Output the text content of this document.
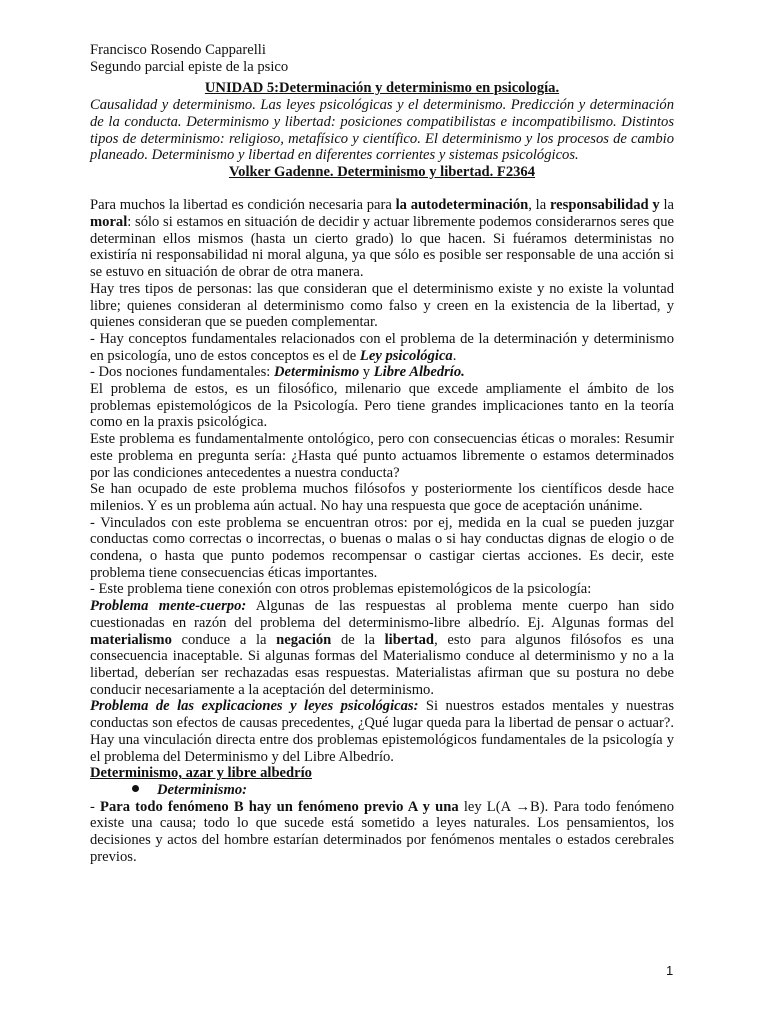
Francisco Rosendo Capparelli

Segundo parcial episte de la psico

UNIDAD 5:Determinación y determinismo en psicología.

Causalidad y determinismo. Las leyes psicológicas y el determinismo. Predicción y determinación de la conducta. Determinismo y libertad: posiciones compatibilistas e incompatibilismo. Distintos tipos de determinismo: religioso, metafísico y científico. El determinismo y los procesos de cambio planeado. Determinismo y libertad en diferentes corrientes y sistemas psicológicos.

Volker Gadenne. Determinismo y libertad. F2364

Para muchos la libertad es condición necesaria para la autodeterminación, la responsabilidad y la moral: sólo si estamos en situación de decidir y actuar libremente podemos considerarnos seres que determinan ellos mismos (hasta un cierto grado) lo que hacen. Si fuéramos deterministas no existiría ni responsabilidad ni moral alguna, ya que sólo es posible ser responsable de una acción si se estuvo en situación de obrar de otra manera.

Hay tres tipos de personas: las que consideran que el determinismo existe y no existe la voluntad libre; quienes consideran al determinismo como falso y creen en la existencia de la libertad, y quienes consideran que se pueden complementar.

- Hay conceptos fundamentales relacionados con el problema de la determinación y determinismo en psicología, uno de estos conceptos es el de Ley psicológica.

- Dos nociones fundamentales: Determinismo y Libre Albedrío.

El problema de estos, es un filosófico, milenario que excede ampliamente el ámbito de los problemas epistemológicos de la Psicología. Pero tiene grandes implicaciones tanto en la teoría como en la praxis psicológica.

Este problema es fundamentalmente ontológico, pero con consecuencias éticas o morales: Resumir este problema en pregunta sería: ¿Hasta qué punto actuamos libremente o estamos determinados por las condiciones antecedentes a nuestra conducta?

Se han ocupado de este problema muchos filósofos y posteriormente los científicos desde hace milenios. Y es un problema aún actual. No hay una respuesta que goce de aceptación unánime.

- Vinculados con este problema se encuentran otros: por ej, medida en la cual se pueden juzgar conductas como correctas o incorrectas, o buenas o malas o si hay conductas dignas de elogio o de condena, o hasta que punto podemos recompensar o castigar ciertas acciones. Es decir, este problema tiene consecuencias éticas importantes.

- Este problema tiene conexión con otros problemas epistemológicos de la psicología:

Problema mente-cuerpo: Algunas de las respuestas al problema mente cuerpo han sido cuestionadas en razón del problema del determinismo-libre albedrío. Ej. Algunas formas del materialismo conduce a la negación de la libertad, esto para algunos filósofos es una consecuencia inaceptable. Si algunas formas del Materialismo conduce al determinismo y no a la libertad, deberían ser rechazadas esas respuestas. Materialistas afirman que su postura no debe conducir necesariamente a la aceptación del determinismo.

Problema de las explicaciones y leyes psicológicas: Si nuestros estados mentales y nuestras conductas son efectos de causas precedentes, ¿Qué lugar queda para la libertad de pensar o actuar?. Hay una vinculación directa entre dos problemas epistemológicos fundamentales de la psicología y el problema del Determinismo y del Libre Albedrío.

Determinismo, azar y libre albedrío

Determinismo:

- Para todo fenómeno B hay un fenómeno previo A y una ley L(A →B). Para todo fenómeno existe una causa; todo lo que sucede está sometido a leyes naturales. Los pensamientos, los decisiones y actos del hombre estarían determinados por fenómenos mentales o estados cerebrales previos.

1
